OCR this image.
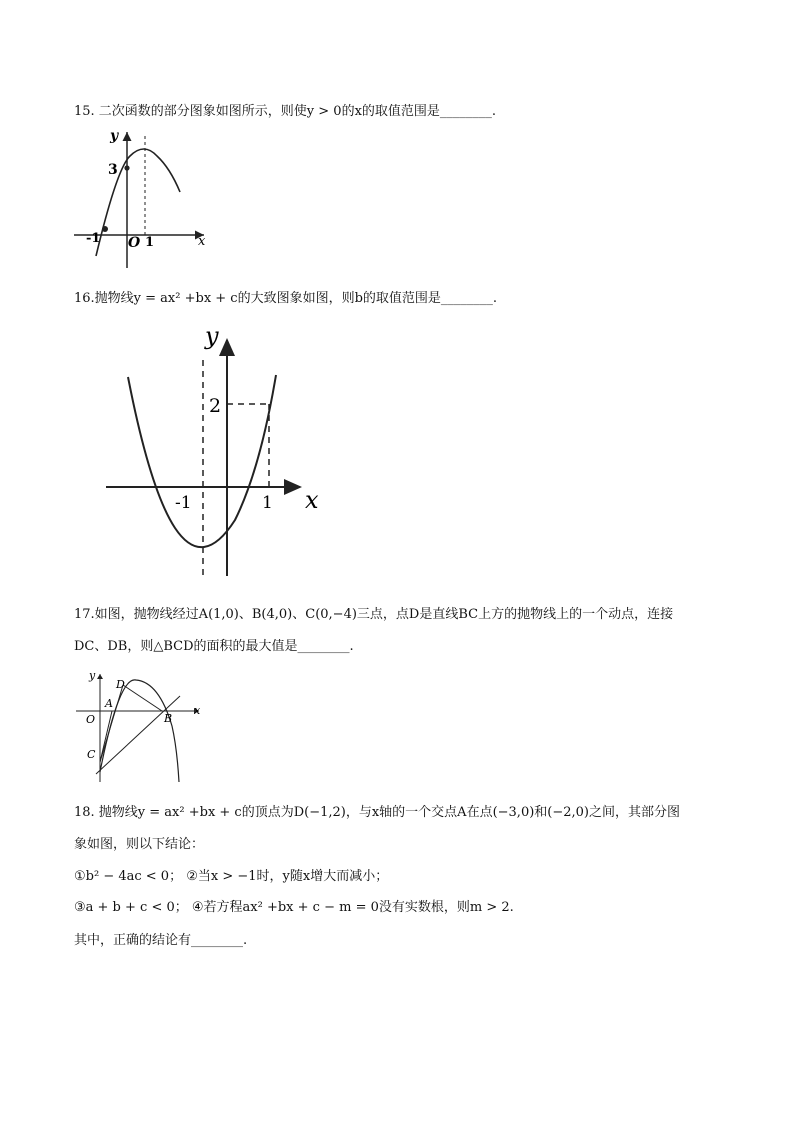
15. 二次函数的部分图象如图所示，则使y > 0的x的取值范围是________.
y
3
-1 O 1	x
16.抛物线y = ax² +bx + c的大致图象如图，则b的取值范围是________.
y
2
-1	1 x
17.如图，抛物线经过A(1,0)、B(4,0)、C(0,−4)三点，点D是直线BC上方的抛物线上的一个动点，连接
DC、DB，则△BCD的面积的最大值是________.
y
D
A
O	B
x
C
18. 抛物线y = ax² +bx + c的顶点为D(−1,2)，与x轴的一个交点A在点(−3,0)和(−2,0)之间，其部分图
象如图，则以下结论：
①b² − 4ac < 0； ②当x > −1时，y随x增大而减小；
③a + b + c < 0； ④若方程ax² +bx + c − m = 0没有实数根，则m > 2.
其中，正确的结论有________.
